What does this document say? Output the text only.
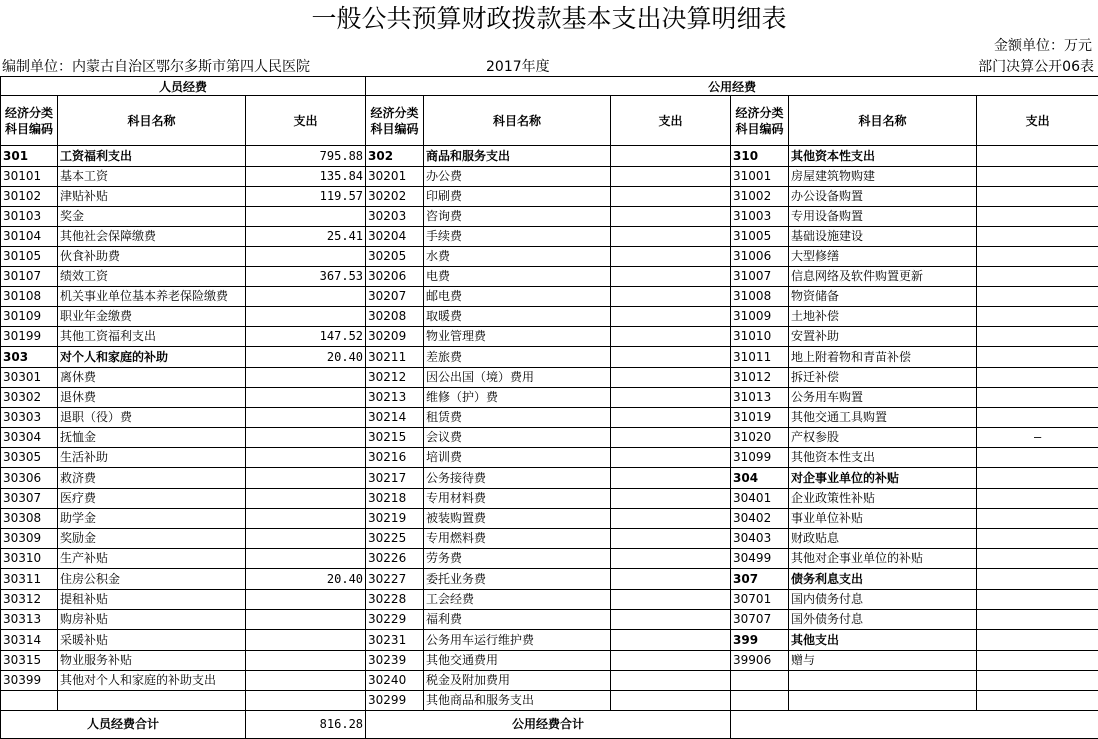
一般公共预算财政拨款基本支出决算明细表
金额单位：万元
编制单位：内蒙古自治区鄂尔多斯市第四人民医院	2017年度	部门决算公开06表
人员经费			公用经费					
经济分类科目编码	科目名称	支出	经济分类科目编码	科目名称	支出	经济分类科目编码	科目名称	支出
301	工资福利支出	795.88	302	商品和服务支出		310	其他资本性支出	
30101	基本工资	135.84	30201	办公费		31001	房屋建筑物购建	
30102	津贴补贴	119.57	30202	印刷费		31002	办公设备购置	
30103	奖金		30203	咨询费		31003	专用设备购置	
30104	其他社会保障缴费	25.41	30204	手续费		31005	基础设施建设	
30105	伙食补助费		30205	水费		31006	大型修缮	
30107	绩效工资	367.53	30206	电费		31007	信息网络及软件购置更新	
30108	机关事业单位基本养老保险缴费		30207	邮电费		31008	物资储备	
30109	职业年金缴费		30208	取暖费		31009	土地补偿	
30199	其他工资福利支出	147.52	30209	物业管理费		31010	安置补助	
303	对个人和家庭的补助	20.40	30211	差旅费		31011	地上附着物和青苗补偿	
30301	离休费		30212	因公出国（境）费用		31012	拆迁补偿	
30302	退休费		30213	维修（护）费		31013	公务用车购置	
30303	退职（役）费		30214	租赁费		31019	其他交通工具购置	
30304	抚恤金		30215	会议费		31020	产权参股	—
30305	生活补助		30216	培训费		31099	其他资本性支出	
30306	救济费		30217	公务接待费		304	对企事业单位的补贴	
30307	医疗费		30218	专用材料费		30401	企业政策性补贴	
30308	助学金		30219	被装购置费		30402	事业单位补贴	
30309	奖励金		30225	专用燃料费		30403	财政贴息	
30310	生产补贴		30226	劳务费		30499	其他对企事业单位的补贴	
30311	住房公积金	20.40	30227	委托业务费		307	债务利息支出	
30312	提租补贴		30228	工会经费		30701	国内债务付息	
30313	购房补贴		30229	福利费		30707	国外债务付息	
30314	采暖补贴		30231	公务用车运行维护费		399	其他支出	
30315	物业服务补贴		30239	其他交通费用		39906	赠与	
30399	其他对个人和家庭的补助支出		30240	税金及附加费用				
			30299	其他商品和服务支出				
人员经费合计		816.28	公用经费合计					
